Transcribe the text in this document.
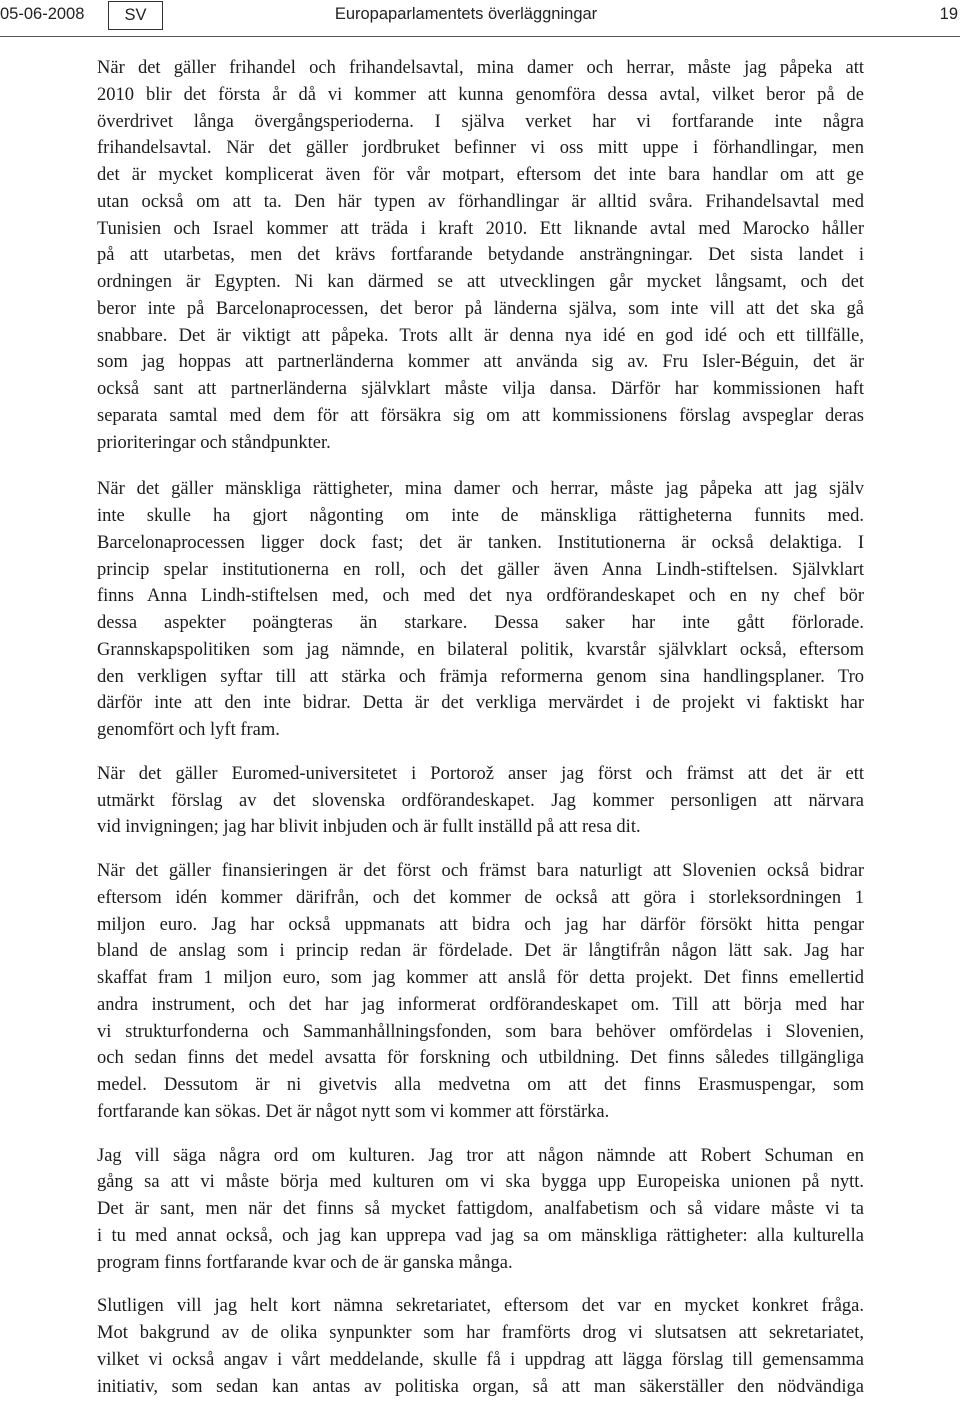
05-06-2008	SV	Europaparlamentets överläggningar	19
När det gäller frihandel och frihandelsavtal, mina damer och herrar, måste jag påpeka att
2010 blir det första år då vi kommer att kunna genomföra dessa avtal, vilket beror på de
överdrivet långa övergångsperioderna. I själva verket har vi fortfarande inte några
frihandelsavtal. När det gäller jordbruket befinner vi oss mitt uppe i förhandlingar, men
det är mycket komplicerat även för vår motpart, eftersom det inte bara handlar om att ge
utan också om att ta. Den här typen av förhandlingar är alltid svåra. Frihandelsavtal med
Tunisien och Israel kommer att träda i kraft 2010. Ett liknande avtal med Marocko håller
på att utarbetas, men det krävs fortfarande betydande ansträngningar. Det sista landet i
ordningen är Egypten. Ni kan därmed se att utvecklingen går mycket långsamt, och det
beror inte på Barcelonaprocessen, det beror på länderna själva, som inte vill att det ska gå
snabbare. Det är viktigt att påpeka. Trots allt är denna nya idé en god idé och ett tillfälle,
som jag hoppas att partnerländerna kommer att använda sig av. Fru Isler-Béguin, det är
också sant att partnerländerna självklart måste vilja dansa. Därför har kommissionen haft
separata samtal med dem för att försäkra sig om att kommissionens förslag avspeglar deras
prioriteringar och ståndpunkter.
När det gäller mänskliga rättigheter, mina damer och herrar, måste jag påpeka att jag själv
inte skulle ha gjort någonting om inte de mänskliga rättigheterna funnits med.
Barcelonaprocessen ligger dock fast; det är tanken. Institutionerna är också delaktiga. I
princip spelar institutionerna en roll, och det gäller även Anna Lindh-stiftelsen. Självklart
finns Anna Lindh-stiftelsen med, och med det nya ordförandeskapet och en ny chef bör
dessa aspekter poängteras än starkare. Dessa saker har inte gått förlorade.
Grannskapspolitiken som jag nämnde, en bilateral politik, kvarstår självklart också, eftersom
den verkligen syftar till att stärka och främja reformerna genom sina handlingsplaner. Tro
därför inte att den inte bidrar. Detta är det verkliga mervärdet i de projekt vi faktiskt har
genomfört och lyft fram.
När det gäller Euromed-universitetet i Portorož anser jag först och främst att det är ett
utmärkt förslag av det slovenska ordförandeskapet. Jag kommer personligen att närvara
vid invigningen; jag har blivit inbjuden och är fullt inställd på att resa dit.
När det gäller finansieringen är det först och främst bara naturligt att Slovenien också bidrar
eftersom idén kommer därifrån, och det kommer de också att göra i storleksordningen 1
miljon euro. Jag har också uppmanats att bidra och jag har därför försökt hitta pengar
bland de anslag som i princip redan är fördelade. Det är långtifrån någon lätt sak. Jag har
skaffat fram 1 miljon euro, som jag kommer att anslå för detta projekt. Det finns emellertid
andra instrument, och det har jag informerat ordförandeskapet om. Till att börja med har
vi strukturfonderna och Sammanhållningsfonden, som bara behöver omfördelas i Slovenien,
och sedan finns det medel avsatta för forskning och utbildning. Det finns således tillgängliga
medel. Dessutom är ni givetvis alla medvetna om att det finns Erasmuspengar, som
fortfarande kan sökas. Det är något nytt som vi kommer att förstärka.
Jag vill säga några ord om kulturen. Jag tror att någon nämnde att Robert Schuman en
gång sa att vi måste börja med kulturen om vi ska bygga upp Europeiska unionen på nytt.
Det är sant, men när det finns så mycket fattigdom, analfabetism och så vidare måste vi ta
i tu med annat också, och jag kan upprepa vad jag sa om mänskliga rättigheter: alla kulturella
program finns fortfarande kvar och de är ganska många.
Slutligen vill jag helt kort nämna sekretariatet, eftersom det var en mycket konkret fråga.
Mot bakgrund av de olika synpunkter som har framförts drog vi slutsatsen att sekretariatet,
vilket vi också angav i vårt meddelande, skulle få i uppdrag att lägga förslag till gemensamma
initiativ, som sedan kan antas av politiska organ, så att man säkerställer den nödvändiga
